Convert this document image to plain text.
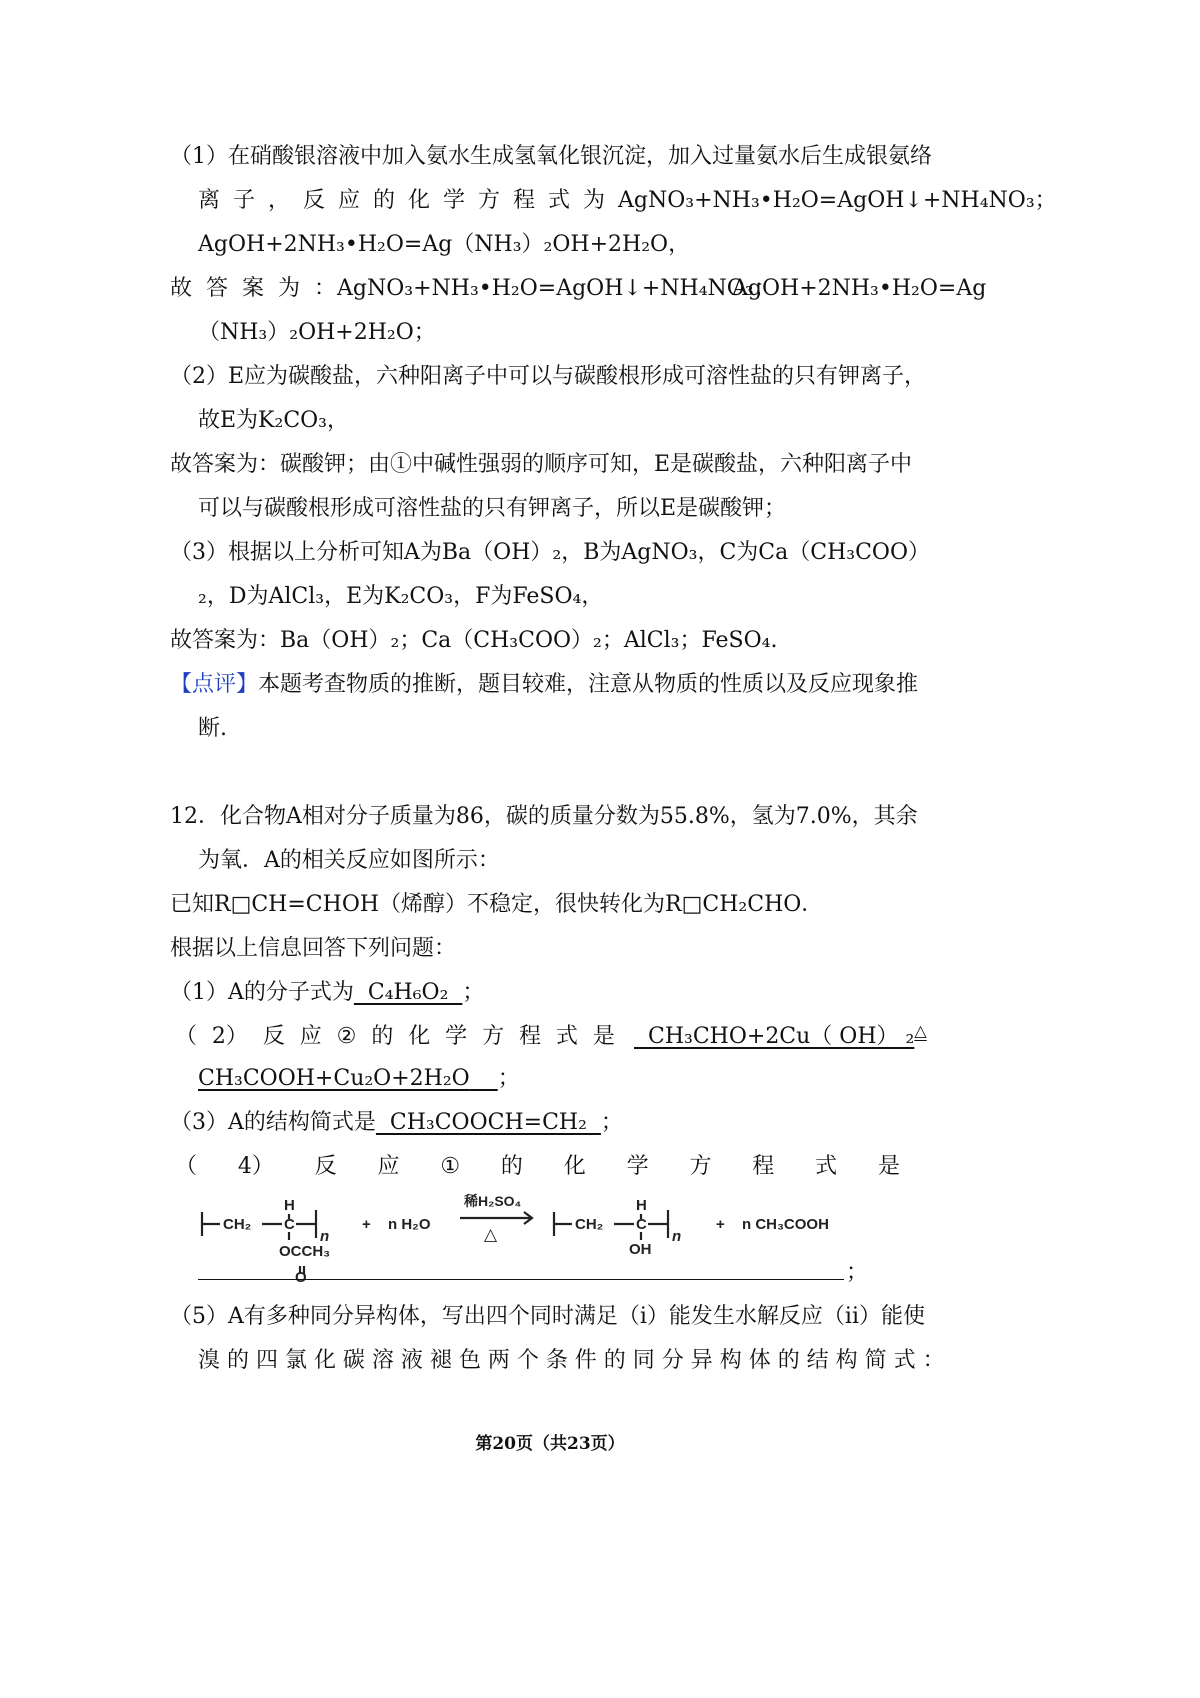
（1）在硝酸银溶液中加入氨水生成氢氧化银沉淀，加入过量氨水后生成银氨络
离子，反应的化学方程式为 AgNO₃+NH₃•H₂O=AgOH↓+NH₄NO₃；
AgOH+2NH₃•H₂O=Ag（NH₃）₂OH+2H₂O，
故答案为：
AgNO₃+NH₃•H₂O=AgOH↓+NH₄NO₃；
AgOH+2NH₃•H₂O=Ag
（NH₃）₂OH+2H₂O；
（2）E应为碳酸盐，六种阳离子中可以与碳酸根形成可溶性盐的只有钾离子，
故E为K₂CO₃，
故答案为：碳酸钾；由①中碱性强弱的顺序可知，E是碳酸盐，六种阳离子中
可以与碳酸根形成可溶性盐的只有钾离子，所以E是碳酸钾；
（3）根据以上分析可知A为Ba（OH）₂，B为AgNO₃，C为Ca（CH₃COO）
₂，D为AlCl₃，E为K₂CO₃，F为FeSO₄，
故答案为：Ba（OH）₂；Ca（CH₃COO）₂；AlCl₃；FeSO₄.
【点评】本题考查物质的推断，题目较难，注意从物质的性质以及反应现象推
断.
12．化合物A相对分子质量为86，碳的质量分数为55.8%，氢为7.0%，其余
为氧．A的相关反应如图所示：
已知R□CH=CHOH（烯醇）不稳定，很快转化为R□CH₂CHO．
根据以上信息回答下列问题：
（1）A的分子式为  C₄H₆O₂  ；
（ 2） 反 应 ② 的 化 学 方 程 式 是 CH₃CHO+2Cu（ OH） ₂△
CH₃COOH+Cu₂O+2H₂O ；
（3）A的结构简式是  CH₃COOCH=CH₂  ；
（ 4） 反 应 ① 的 化 学 方 程 式 是
CH₂
H
C
n
OCCH₃
O
+ n H₂O
稀H₂SO₄
△
CH₂
H
C
n
OH
+ n CH₃COOH
；
（5）A有多种同分异构体，写出四个同时满足（i）能发生水解反应（ii）能使
溴 的 四 氯 化 碳 溶 液 褪 色 两 个 条 件 的 同 分 异 构 体 的 结 构 简 式 ：
第20页（共23页）
